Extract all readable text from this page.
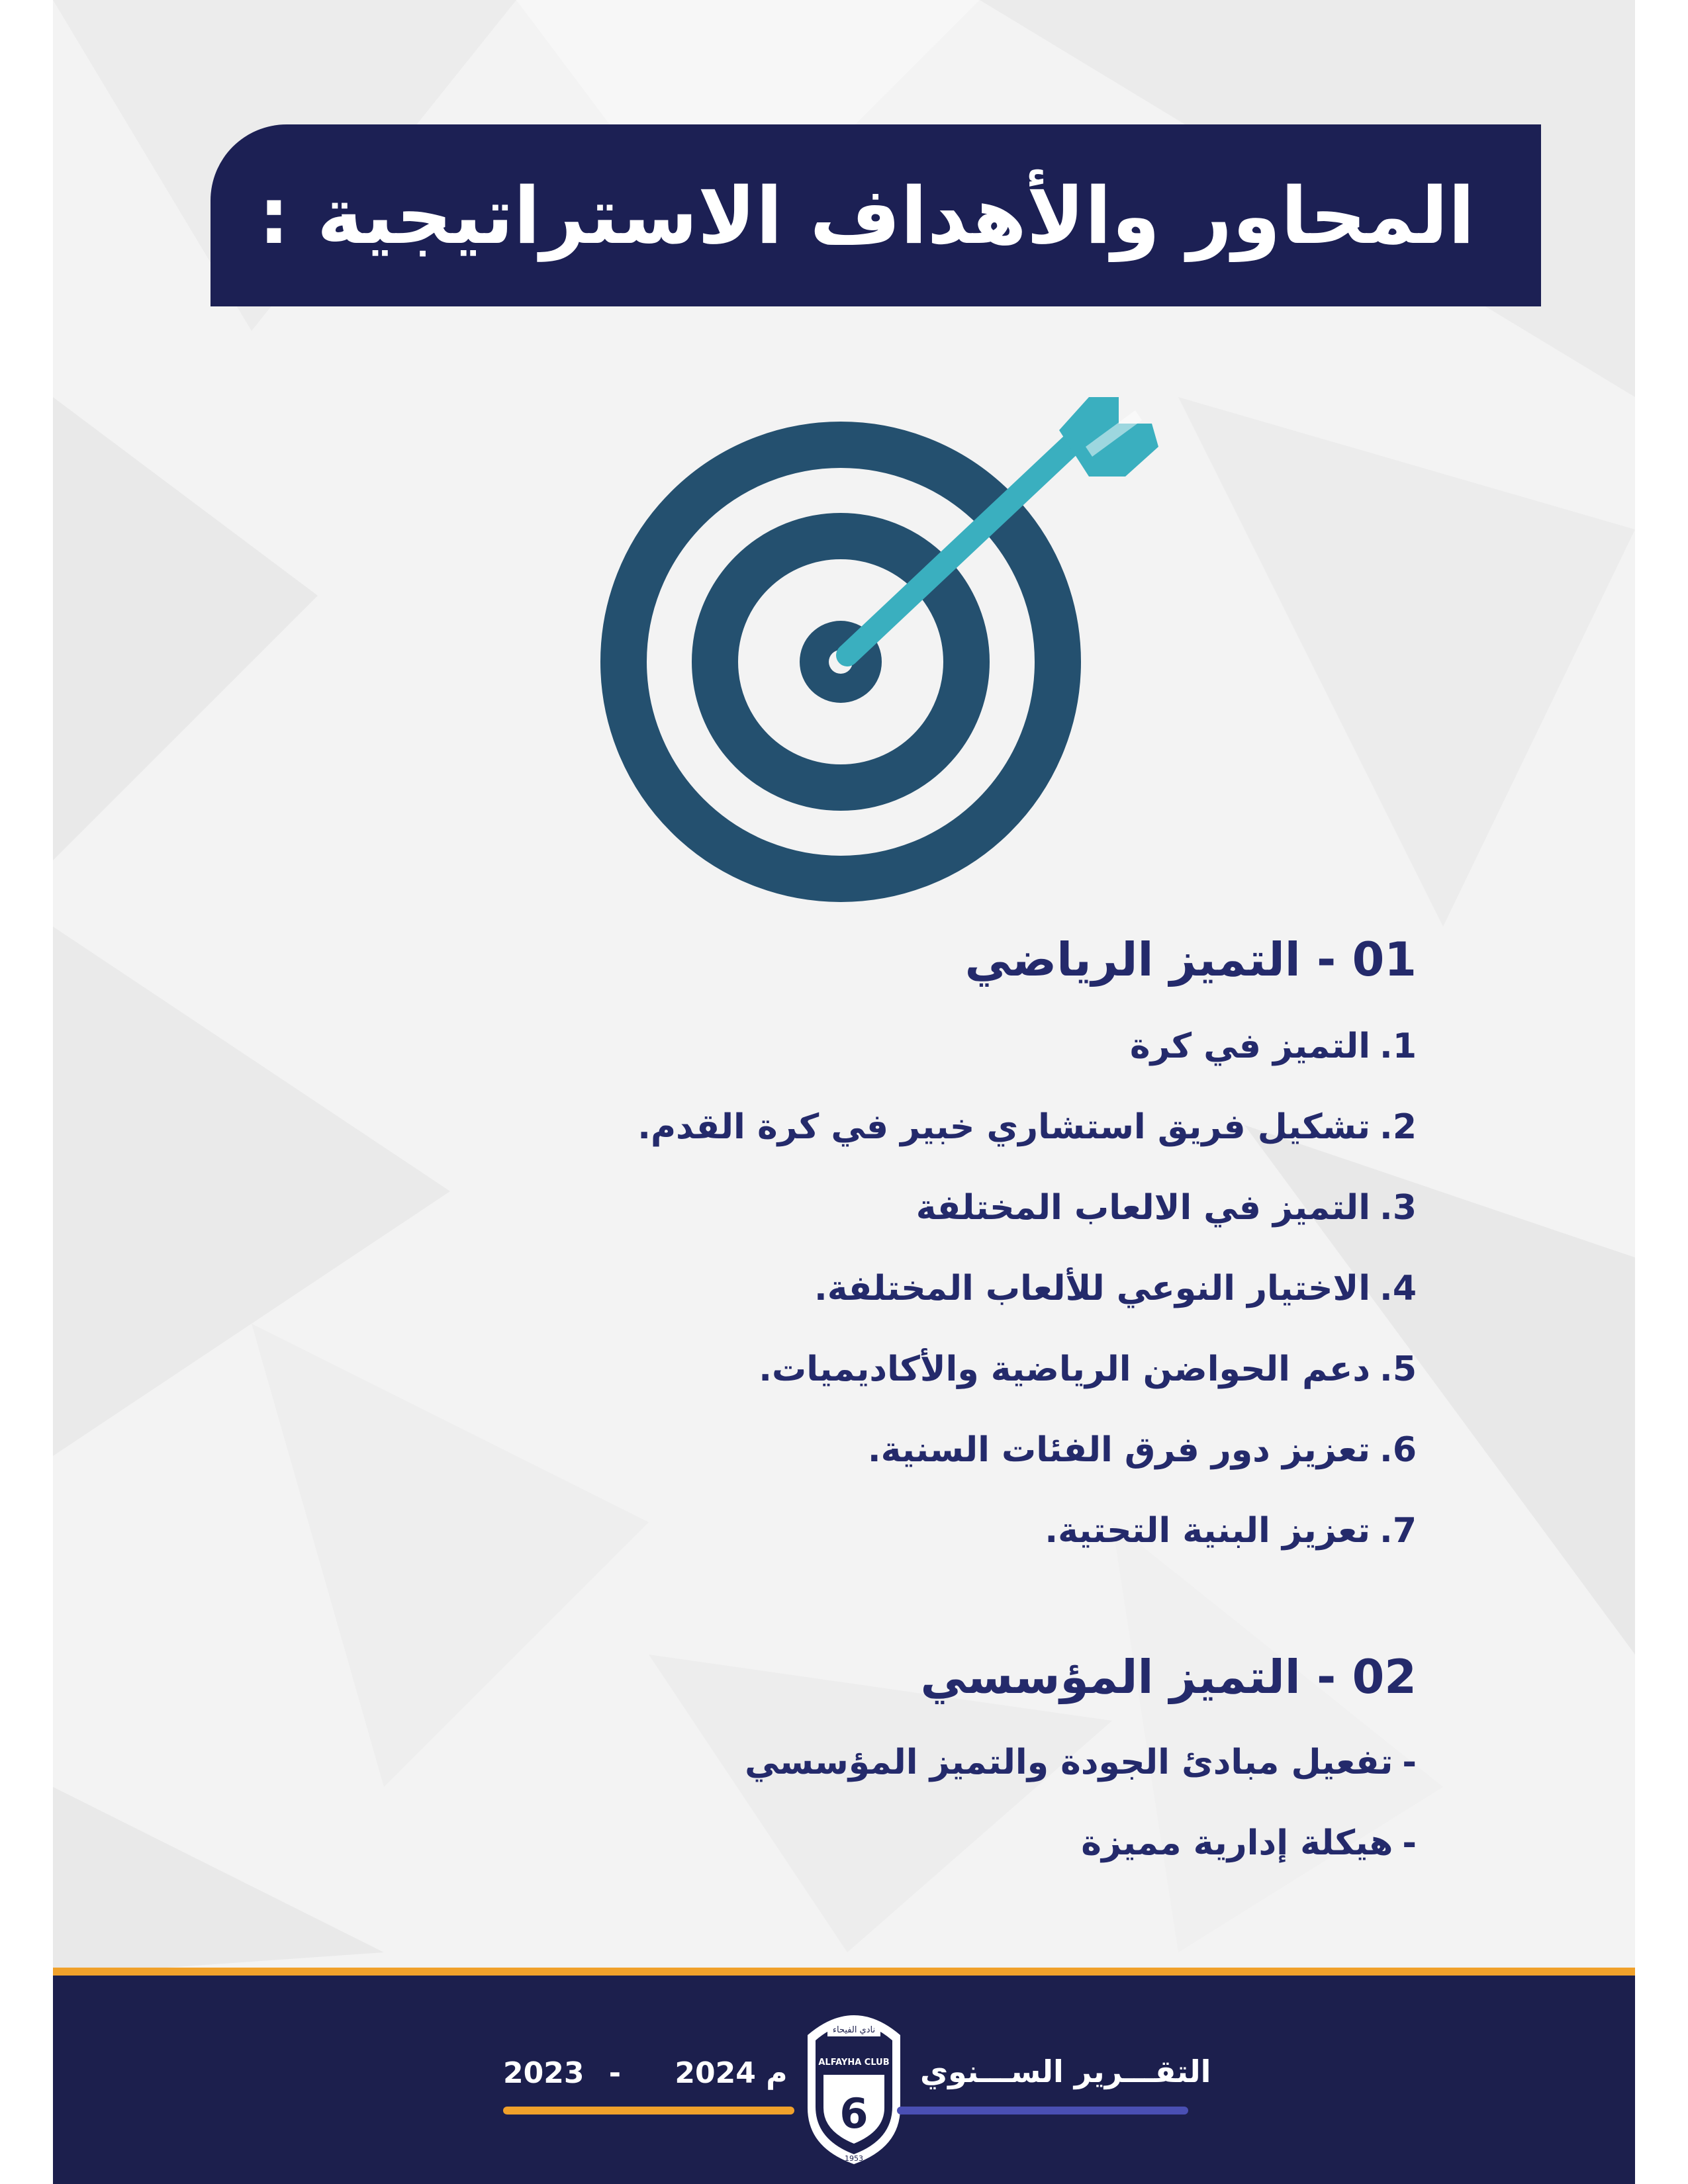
المحاور والأهداف الاستراتيجية :
01 - التميز الرياضي
1.التميز في كرة
2.تشكيل فريق استشاري خبير في كرة القدم.
3.التميز في الالعاب المختلفة
4.الاختيار النوعي للألعاب المختلفة.
5.دعم الحواضن الرياضية والأكاديميات.
6.تعزيز دور فرق الفئات السنية.
7.تعزيز البنية التحتية.
02 - التميز المؤسسي
-تفعيل مبادئ الجودة والتميز المؤسسي
-هيكلة إدارية مميزة
م 2024 - 2023
نادي الفيحاء
ALFAYHA CLUB
6
1953
التقـــرير الســـنوي
